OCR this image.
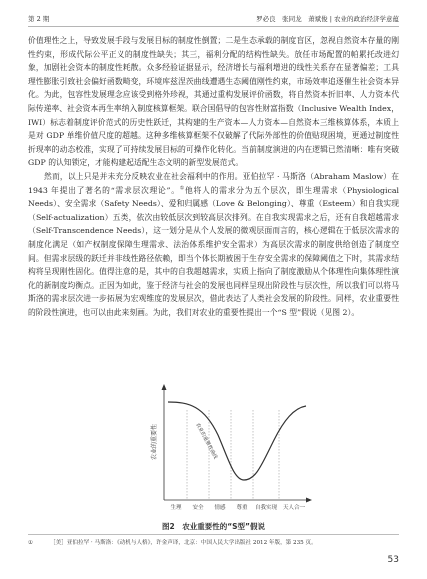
第 2 期	罗必良　张同龙　萧斌俊 | 农业的政治经济学意蕴

价值理性之上，导致发展手段与发展目标的制度性倒置；二是生态承载的制度盲区，忽视自然资本存量的刚性约束，形成代际公平正义的制度性缺失；其三，福利分配的结构性缺失。放任市场配置的帕累托改进幻象，加剧社会资本的制度性耗散。众多经验证据显示，经济增长与福利增进的线性关系存在显著偏差；工具理性膨胀引致社会偏好函数畸变，环境库兹涅茨曲线遭遇生态阈值刚性约束，市场效率追逐催生社会资本异化。为此，包容性发展理念应该受到格外珍视，其通过重构发展评价函数，将自然资本折旧率、人力资本代际传递率、社会资本再生率纳入制度核算框架。联合国倡导的包容性财富指数（Inclusive Wealth Index，IWI）标志着制度评价范式的历史性跃迁，其构建的生产资本—人力资本—自然资本三维核算体系，本质上是对 GDP 单维价值尺度的超越。这种多维核算框架不仅破解了代际外部性的价值贴现困境，更通过制度性折现率的动态校准，实现了可持续发展目标的可操作化转化。当前制度演进的内在逻辑已然清晰：唯有突破 GDP 的认知锁定，才能构建起适配生态文明的新型发展范式。

然而，以上只是并未充分反映农业在社会福利中的作用。亚伯拉罕 · 马斯洛（Abraham Maslow）在 1943 年提出了著名的“需求层次理论”。①他将人的需求分为五个层次，即生理需求（Physiological Needs）、安全需求（Safety Needs）、爱和归属感（Love & Belonging）、尊重（Esteem）和自我实现（Self-actualization）五类，依次由较低层次到较高层次排列。在自我实现需求之后，还有自我超越需求（Self-Transcendence Needs），这一划分是从个人发展的微观层面而言的，核心逻辑在于低层次需求的制度化满足（如产权制度保障生理需求、法治体系维护安全需求）为高层次需求的制度供给创造了制度空间。但需求层级的跃迁并非线性路径依赖，即当个体长期被困于生存安全需求的保障阈值之下时，其需求结构将呈现刚性固化。值得注意的是，其中的自我超越需求，实质上指向了制度激励从个体理性向集体理性演化的新制度均衡点。正因为如此，鉴于经济与社会的发展也同样呈现出阶段性与层次性，所以我们可以将马斯洛的需求层次进一步拓展为宏观维度的发展层次，借此表达了人类社会发展的阶段性。同样，农业重要性的阶段性演进，也可以由此来刻画。为此，我们对农业的重要性提出一个“S 型”假说（见图 2）。

农业的重要性	农业的重要性曲线
生理 安全 情感 尊重 自我实现 天人合一
图2　农业重要性的“S型”假说
①	［美］亚伯拉罕 · 马斯洛：《动机与人格》，许金声译，北京：中国人民大学出版社 2012 年版，第 235 页。
53
